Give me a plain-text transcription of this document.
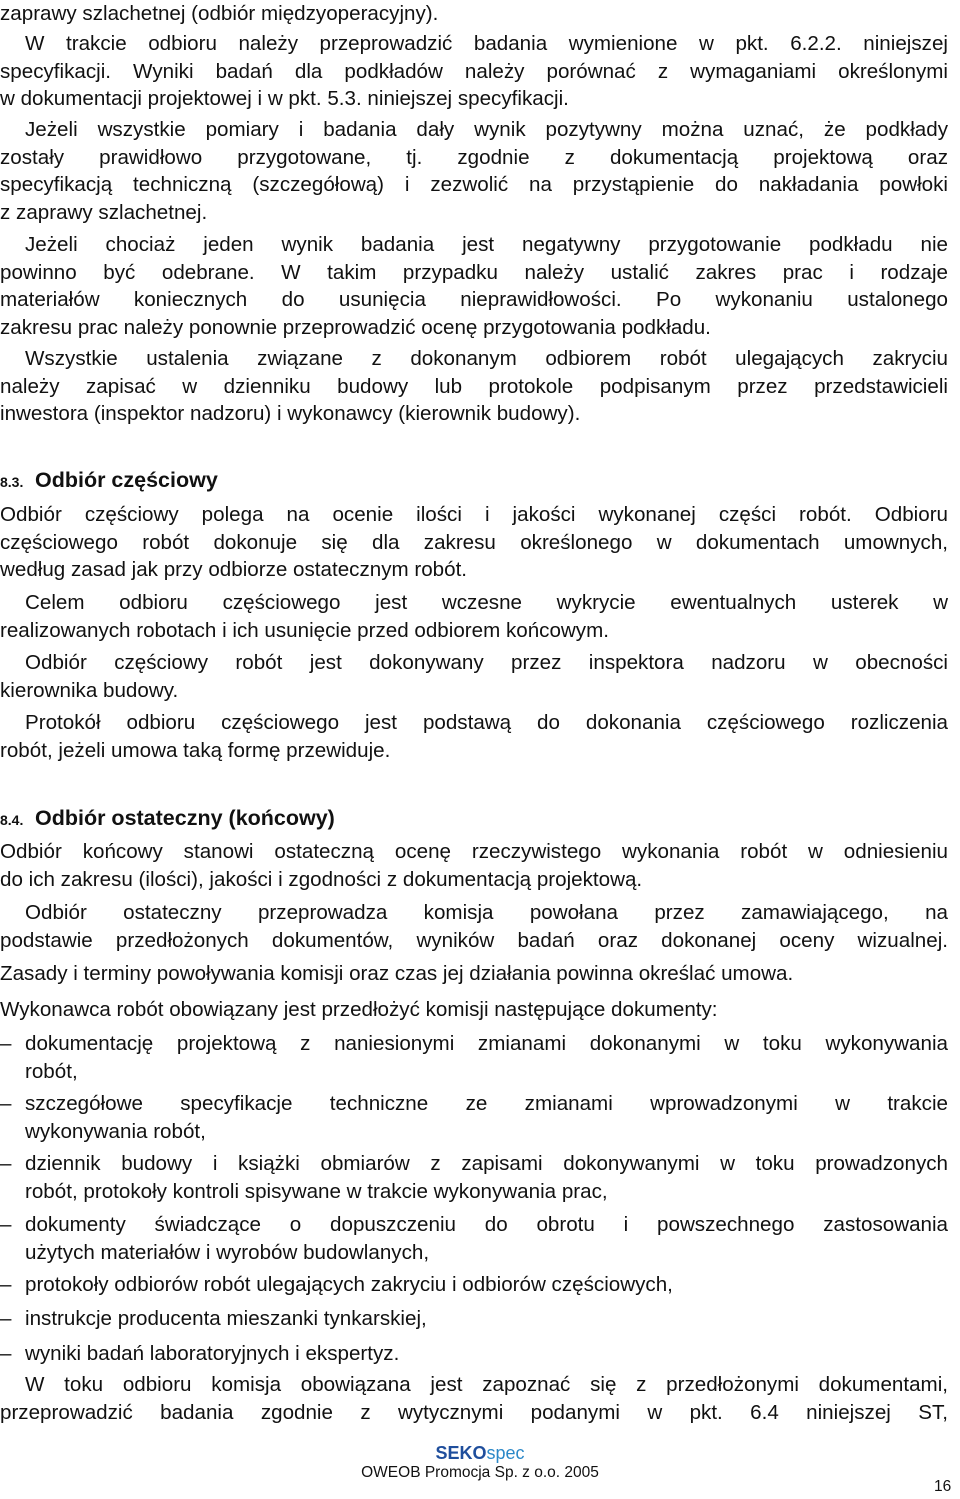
zaprawy szlachetnej (odbiór międzyoperacyjny).
W trakcie odbioru należy przeprowadzić badania wymienione w pkt. 6.2.2. niniejszej
specyfikacji. Wyniki badań dla podkładów należy porównać z wymaganiami określonymi
w dokumentacji projektowej i w pkt. 5.3. niniejszej specyfikacji.
Jeżeli wszystkie pomiary i badania dały wynik pozytywny można uznać, że podkłady
zostały prawidłowo przygotowane, tj. zgodnie z dokumentacją projektową oraz
specyfikacją techniczną (szczegółową) i zezwolić na przystąpienie do nakładania powłoki
z zaprawy szlachetnej.
Jeżeli chociaż jeden wynik badania jest negatywny przygotowanie podkładu nie
powinno być odebrane. W takim przypadku należy ustalić zakres prac i rodzaje
materiałów koniecznych do usunięcia nieprawidłowości. Po wykonaniu ustalonego
zakresu prac należy ponownie przeprowadzić ocenę przygotowania podkładu.
Wszystkie ustalenia związane z dokonanym odbiorem robót ulegających zakryciu
należy zapisać w dzienniku budowy lub protokole podpisanym przez przedstawicieli
inwestora (inspektor nadzoru) i wykonawcy (kierownik budowy).
Odbiór częściowy polega na ocenie ilości i jakości wykonanej części robót. Odbioru
częściowego robót dokonuje się dla zakresu określonego w dokumentach umownych,
według zasad jak przy odbiorze ostatecznym robót.
Celem odbioru częściowego jest wczesne wykrycie ewentualnych usterek w
realizowanych robotach i ich usunięcie przed odbiorem końcowym.
Odbiór częściowy robót jest dokonywany przez inspektora nadzoru w obecności
kierownika budowy.
Protokół odbioru częściowego jest podstawą do dokonania częściowego rozliczenia
robót, jeżeli umowa taką formę przewiduje.
Odbiór końcowy stanowi ostateczną ocenę rzeczywistego wykonania robót w odniesieniu
do ich zakresu (ilości), jakości i zgodności z dokumentacją projektową.
Odbiór ostateczny przeprowadza komisja powołana przez zamawiającego, na
podstawie przedłożonych dokumentów, wyników badań oraz dokonanej oceny wizualnej.
Zasady i terminy powoływania komisji oraz czas jej działania powinna określać umowa.
Wykonawca robót obowiązany jest przedłożyć komisji następujące dokumenty:
W toku odbioru komisja obowiązana jest zapoznać się z przedłożonymi dokumentami,
przeprowadzić badania zgodnie z wytycznymi podanymi w pkt. 6.4 niniejszej ST,
8.3. Odbiór częściowy
8.4. Odbiór ostateczny (końcowy)
– dokumentację projektową z naniesionymi zmianami dokonanymi w toku wykonywania
robót,
– szczegółowe specyfikacje techniczne ze zmianami wprowadzonymi w trakcie
wykonywania robót,
– dziennik budowy i książki obmiarów z zapisami dokonywanymi w toku prowadzonych
robót, protokoły kontroli spisywane w trakcie wykonywania prac,
– dokumenty świadczące o dopuszczeniu do obrotu i powszechnego zastosowania
użytych materiałów i wyrobów budowlanych,
– protokoły odbiorów robót ulegających zakryciu i odbiorów częściowych,
– instrukcje producenta mieszanki tynkarskiej,
– wyniki badań laboratoryjnych i ekspertyz.
SEKOspec
OWEOB Promocja Sp. z o.o. 2005
16
